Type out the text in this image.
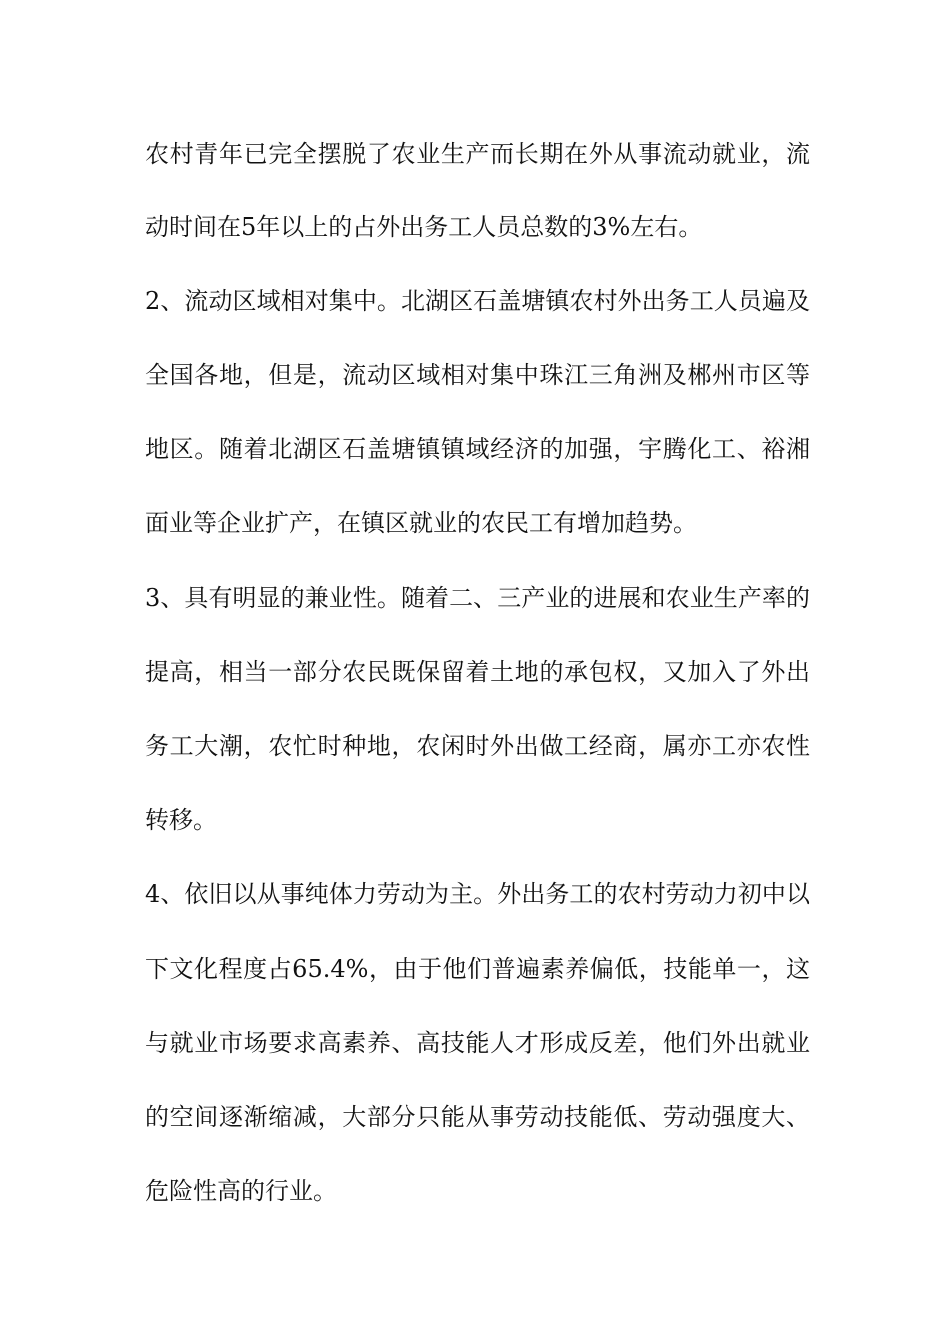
农村青年已完全摆脱了农业生产而长期在外从事流动就业，流
动时间在5年以上的占外出务工人员总数的3%左右。
2、流动区域相对集中。北湖区石盖塘镇农村外出务工人员遍及
全国各地，但是，流动区域相对集中珠江三角洲及郴州市区等
地区。随着北湖区石盖塘镇镇域经济的加强，宇腾化工、裕湘
面业等企业扩产，在镇区就业的农民工有增加趋势。
3、具有明显的兼业性。随着二、三产业的进展和农业生产率的
提高，相当一部分农民既保留着土地的承包权，又加入了外出
务工大潮，农忙时种地，农闲时外出做工经商，属亦工亦农性
转移。
4、依旧以从事纯体力劳动为主。外出务工的农村劳动力初中以
下文化程度占65.4%，由于他们普遍素养偏低，技能单一，这
与就业市场要求高素养、高技能人才形成反差，他们外出就业
的空间逐渐缩减，大部分只能从事劳动技能低、劳动强度大、
危险性高的行业。
